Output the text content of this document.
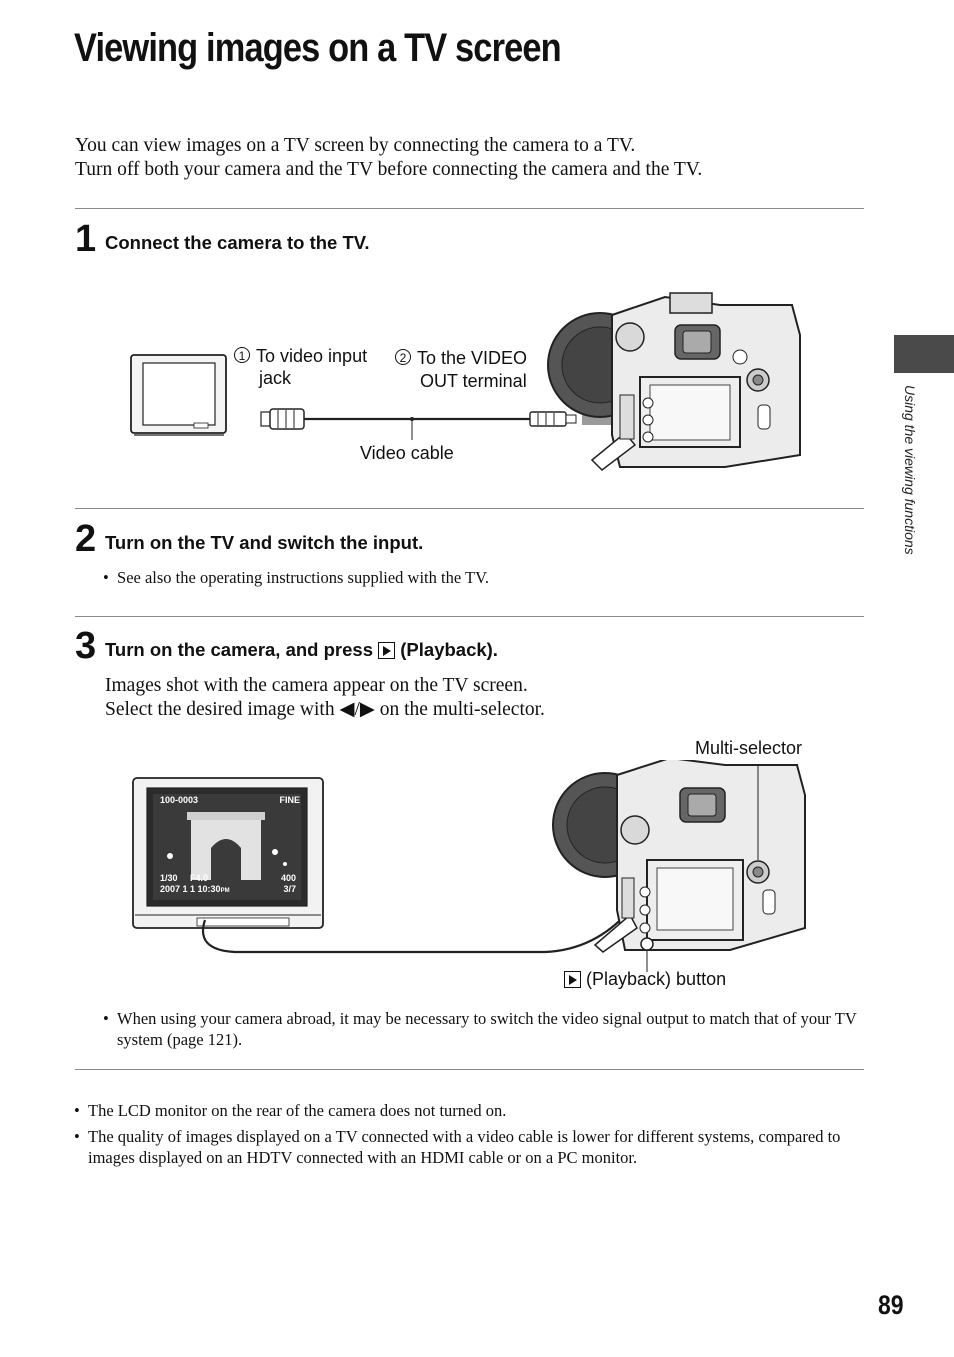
Viewing images on a TV screen
You can view images on a TV screen by connecting the camera to a TV.
Turn off both your camera and the TV before connecting the camera and the TV.
Using the viewing functions
1 Connect the camera to the TV.
1 To video input
jack
2 To the VIDEO
OUT terminal
Video cable
2 Turn on the TV and switch the input.
•  See also the operating instructions supplied with the TV.
3 Turn on the camera, and press (Playback).
Images shot with the camera appear on the TV screen.
Select the desired image with ◀/▶ on the multi-selector.
Multi-selector
100-0003	FINE
1/30 F4.0	400
2007 1 1 10:30PM	3/7
(Playback) button
•  When using your camera abroad, it may be necessary to switch the video signal output to match that of your TV system (page 121).
•  The LCD monitor on the rear of the camera does not turned on.
•  The quality of images displayed on a TV connected with a video cable is lower for different systems, compared to images displayed on an HDTV connected with an HDMI cable or on a PC monitor.
89
